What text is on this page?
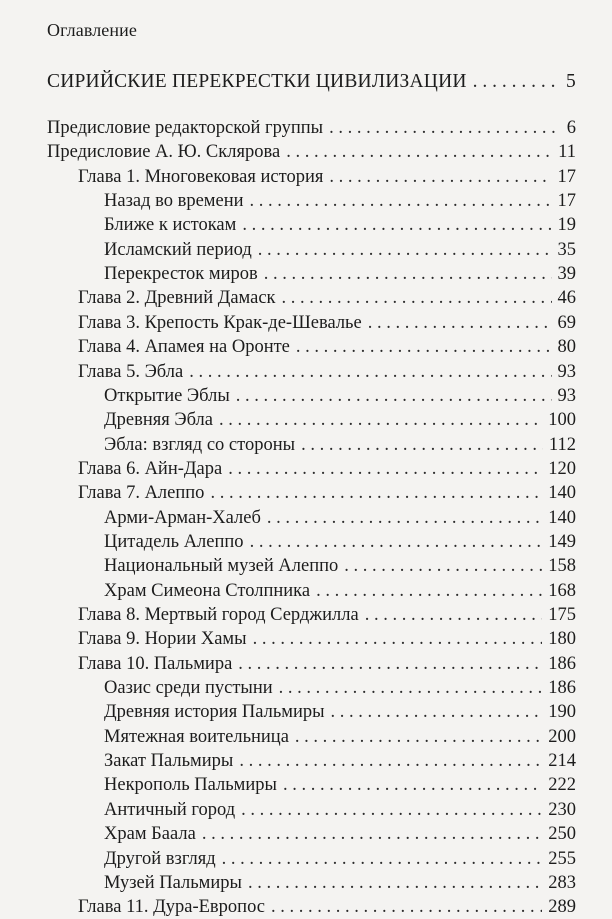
Оглавление
СИРИЙСКИЕ ПЕРЕКРЕСТКИ ЦИВИЛИЗАЦИИ . . .	5
Предисловие редакторской группы . . .	6
Предисловие А. Ю. Склярова . . .	11
Глава 1. Многовековая история . . .	17
Назад во времени . . .	17
Ближе к истокам . . .	19
Исламский период . . .	35
Перекресток миров . . .	39
Глава 2. Древний Дамаск . . .	46
Глава 3. Крепость Крак-де-Шевалье . . .	69
Глава 4. Апамея на Оронте . . .	80
Глава 5. Эбла . . .	93
Открытие Эблы . . .	93
Древняя Эбла . . .	100
Эбла: взгляд со стороны . . .	112
Глава 6. Айн-Дара . . .	120
Глава 7. Алеппо . . .	140
Арми-Арман-Халеб . . .	140
Цитадель Алеппо . . .	149
Национальный музей Алеппо . . .	158
Храм Симеона Столпника . . .	168
Глава 8. Мертвый город Серджилла . . .	175
Глава 9. Нории Хамы . . .	180
Глава 10. Пальмира . . .	186
Оазис среди пустыни . . .	186
Древняя история Пальмиры . . .	190
Мятежная воительница . . .	200
Закат Пальмиры . . .	214
Некрополь Пальмиры . . .	222
Античный город . . .	230
Храм Баала . . .	250
Другой взгляд . . .	255
Музей Пальмиры . . .	283
Глава 11. Дура-Европос . . .	289
